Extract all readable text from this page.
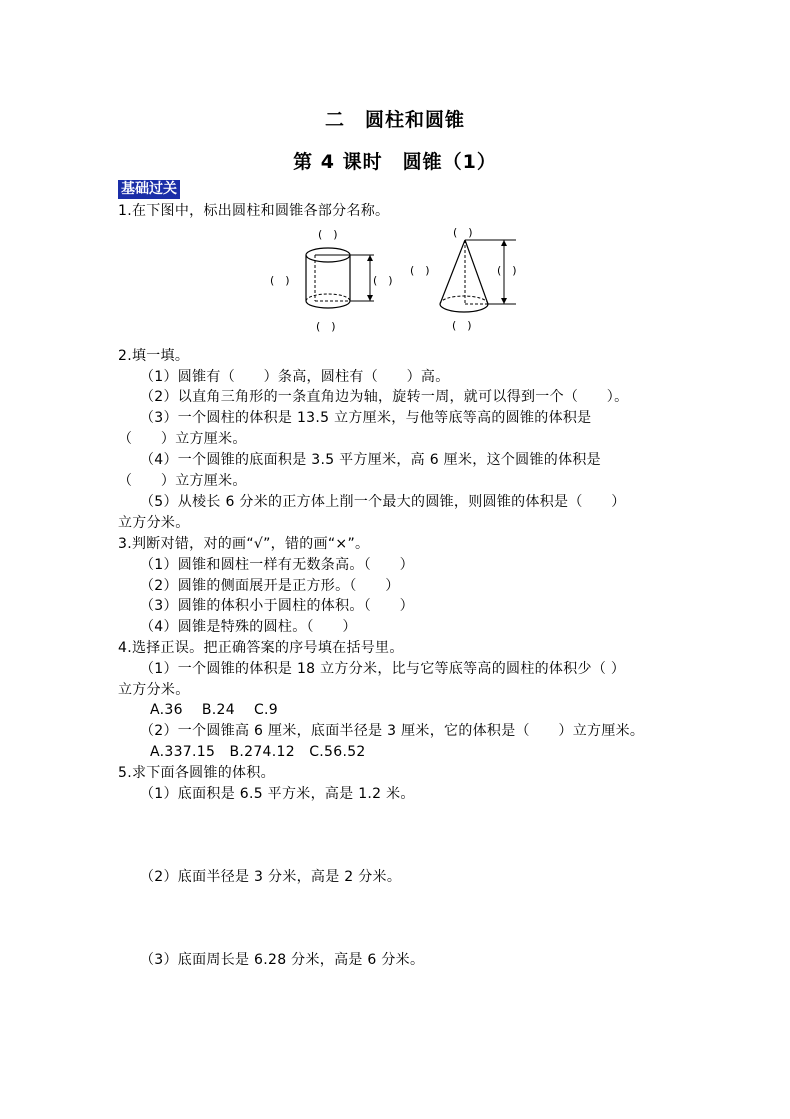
二　圆柱和圆锥
第 4 课时　圆锥（1）
基础过关
1.在下图中，标出圆柱和圆锥各部分名称。
(　)
(　)	(　)
(　)
(　)
(　)	(　)
(　)
2.填一填。
（1）圆锥有（　　）条高，圆柱有（　　）高。
（2）以直角三角形的一条直角边为轴，旋转一周，就可以得到一个（　　）。
（3）一个圆柱的体积是 13.5 立方厘米，与他等底等高的圆锥的体积是
（　　）立方厘米。
（4）一个圆锥的底面积是 3.5 平方厘米，高 6 厘米，这个圆锥的体积是
（　　）立方厘米。
（5）从棱长 6 分米的正方体上削一个最大的圆锥，则圆锥的体积是（　　）
立方分米。
3.判断对错，对的画“√”，错的画“×”。
（1）圆锥和圆柱一样有无数条高。（　　）
（2）圆锥的侧面展开是正方形。（　　）
（3）圆锥的体积小于圆柱的体积。（　　）
（4）圆锥是特殊的圆柱。（　　）
4.选择正误。把正确答案的序号填在括号里。
（1）一个圆锥的体积是 18 立方分米，比与它等底等高的圆柱的体积少（ ）
立方分米。
A.36　 B.24　 C.9
（2）一个圆锥高 6 厘米，底面半径是 3 厘米，它的体积是（　　）立方厘米。
A.337.15　B.274.12　C.56.52
5.求下面各圆锥的体积。
（1）底面积是 6.5 平方米，高是 1.2 米。
（2）底面半径是 3 分米，高是 2 分米。
（3）底面周长是 6.28 分米，高是 6 分米。
